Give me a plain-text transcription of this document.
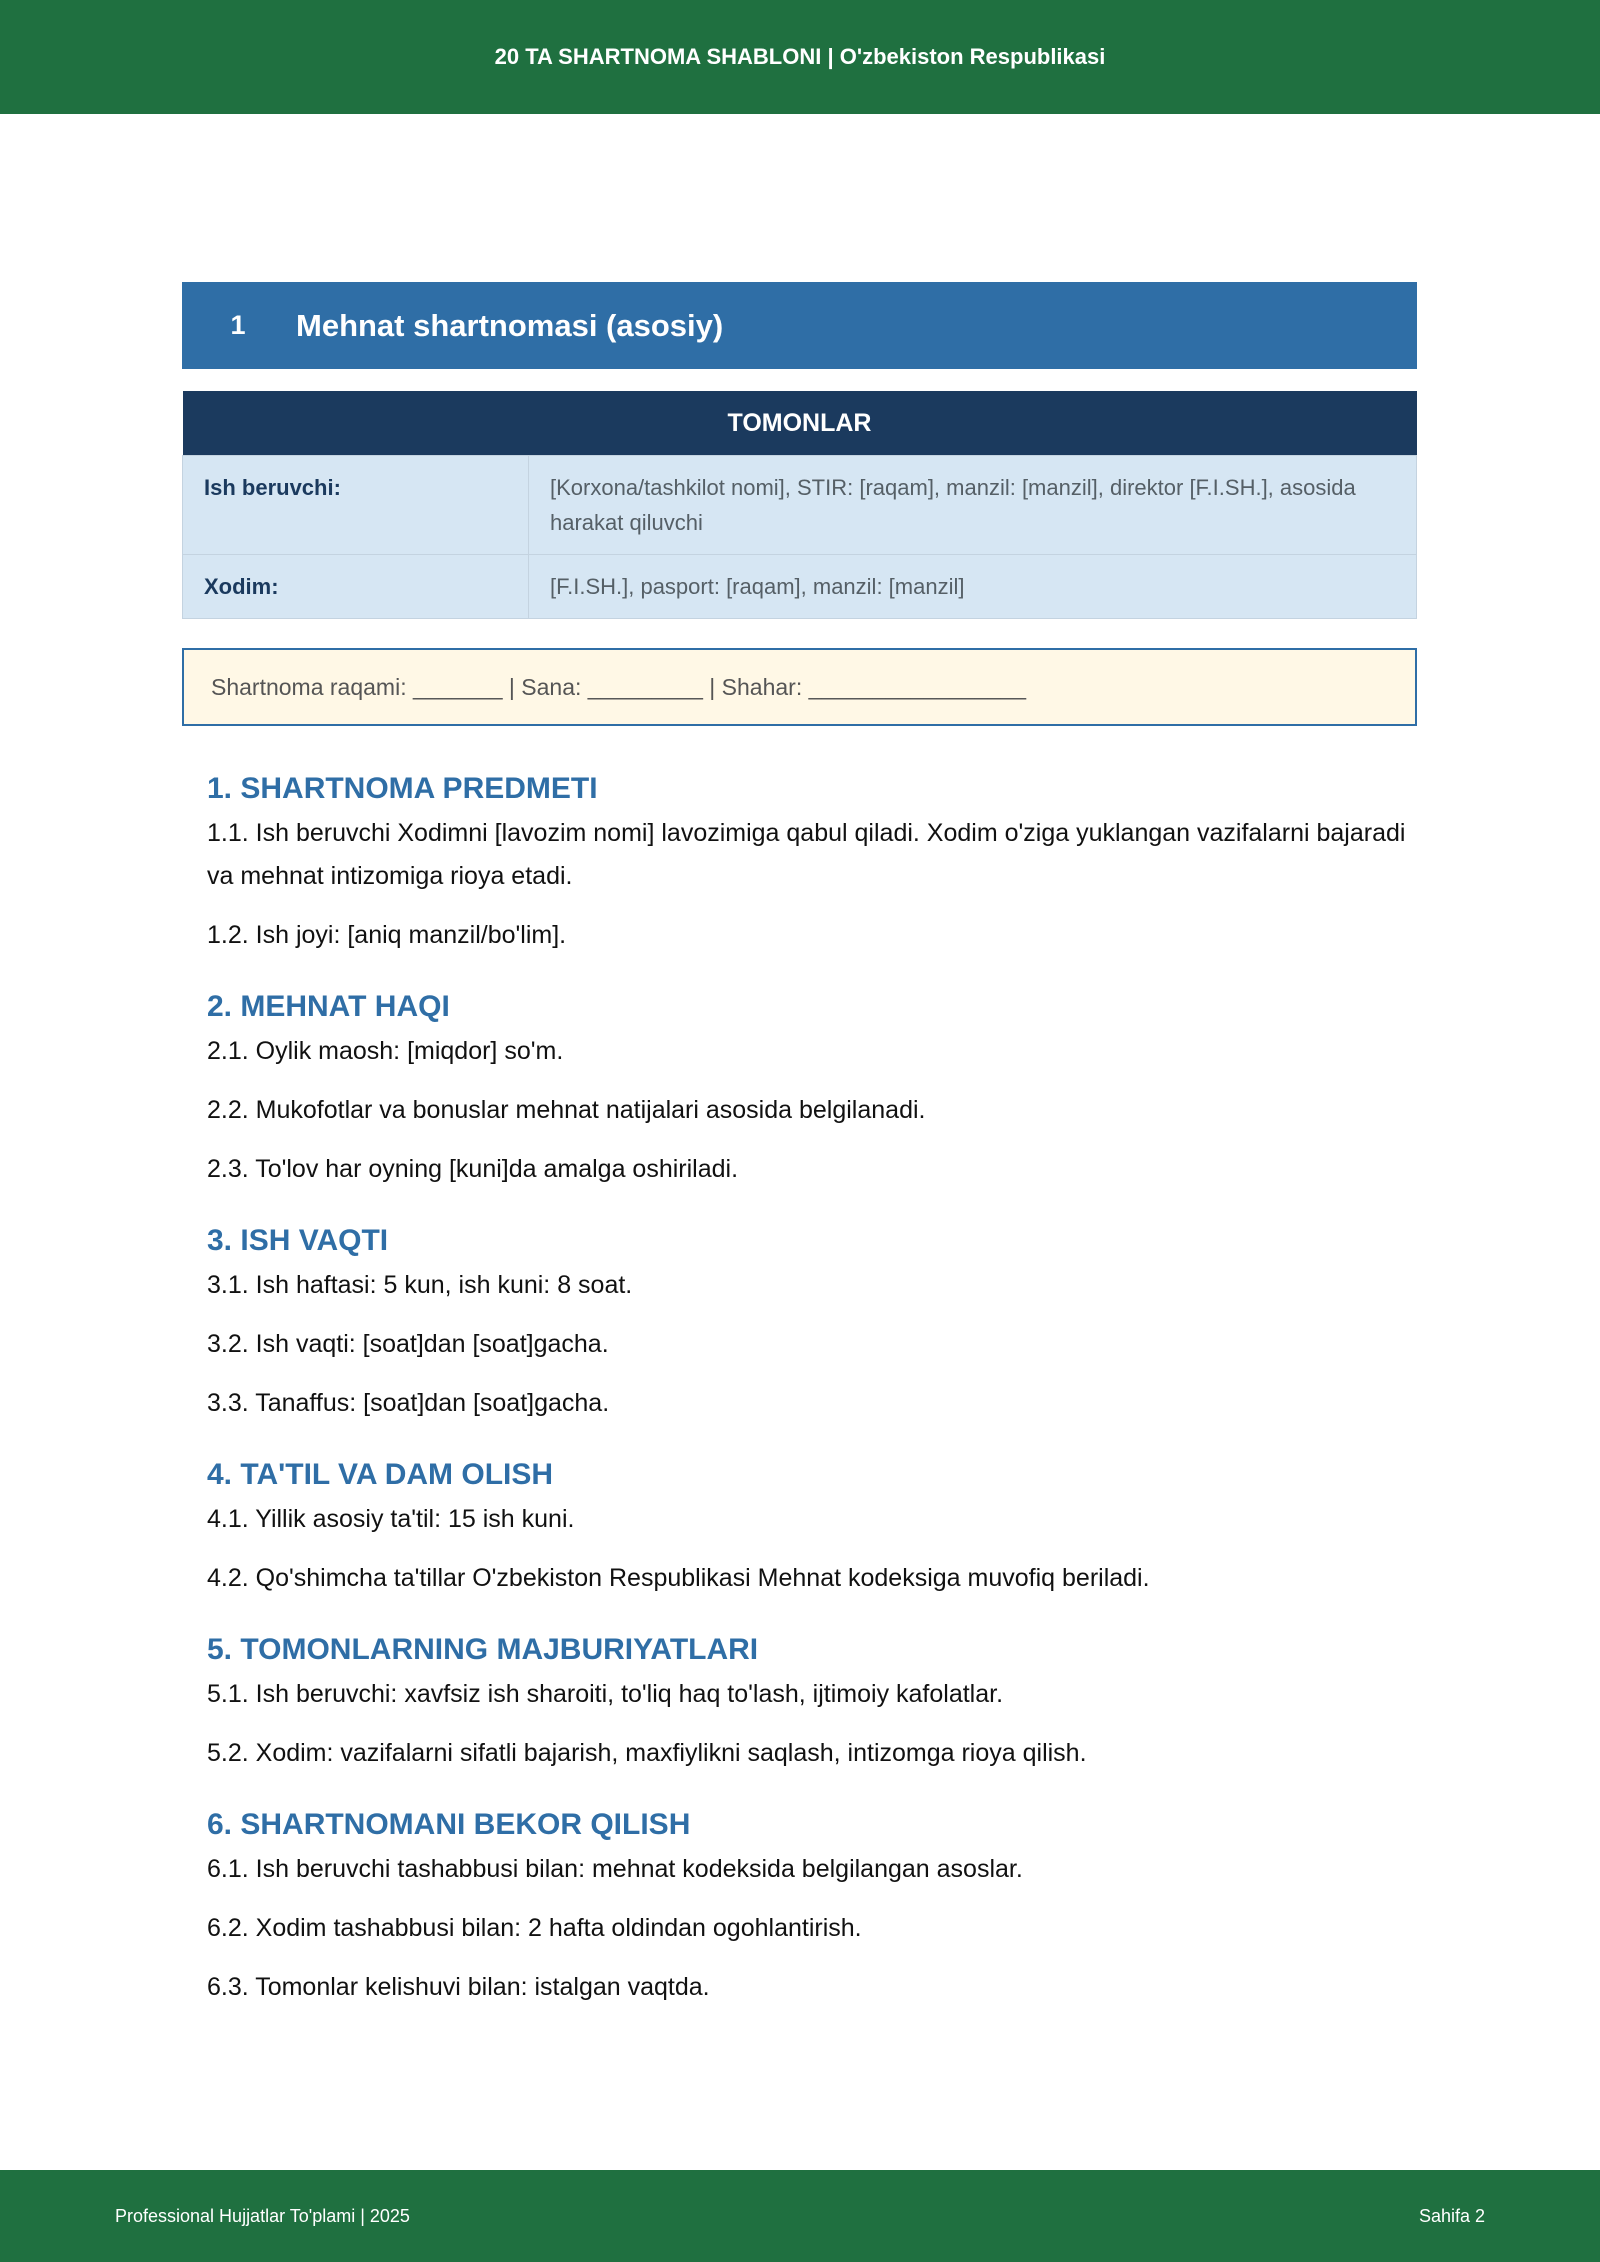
20 TA SHARTNOMA SHABLONI | O'zbekiston Respublikasi
1	Mehnat shartnomasi (asosiy)
TOMONLAR	
Ish beruvchi:	[Korxona/tashkilot nomi], STIR: [raqam], manzil: [manzil], direktor [F.I.SH.], asosida harakat qiluvchi
Xodim:	[F.I.SH.], pasport: [raqam], manzil: [manzil]
Shartnoma raqami: _______ | Sana: _________ | Shahar: _________________
1. SHARTNOMA PREDMETI

1.1. Ish beruvchi Xodimni [lavozim nomi] lavozimiga qabul qiladi. Xodim o'ziga yuklangan vazifalarni bajaradi va mehnat intizomiga rioya etadi.

1.2. Ish joyi: [aniq manzil/bo'lim].

2. MEHNAT HAQI

2.1. Oylik maosh: [miqdor] so'm.

2.2. Mukofotlar va bonuslar mehnat natijalari asosida belgilanadi.

2.3. To'lov har oyning [kuni]da amalga oshiriladi.

3. ISH VAQTI

3.1. Ish haftasi: 5 kun, ish kuni: 8 soat.

3.2. Ish vaqti: [soat]dan [soat]gacha.

3.3. Tanaffus: [soat]dan [soat]gacha.

4. TA'TIL VA DAM OLISH

4.1. Yillik asosiy ta'til: 15 ish kuni.

4.2. Qo'shimcha ta'tillar O'zbekiston Respublikasi Mehnat kodeksiga muvofiq beriladi.

5. TOMONLARNING MAJBURIYATLARI

5.1. Ish beruvchi: xavfsiz ish sharoiti, to'liq haq to'lash, ijtimoiy kafolatlar.

5.2. Xodim: vazifalarni sifatli bajarish, maxfiylikni saqlash, intizomga rioya qilish.

6. SHARTNOMANI BEKOR QILISH

6.1. Ish beruvchi tashabbusi bilan: mehnat kodeksida belgilangan asoslar.

6.2. Xodim tashabbusi bilan: 2 hafta oldindan ogohlantirish.

6.3. Tomonlar kelishuvi bilan: istalgan vaqtda.

Professional Hujjatlar To'plami | 2025	Sahifa 2
